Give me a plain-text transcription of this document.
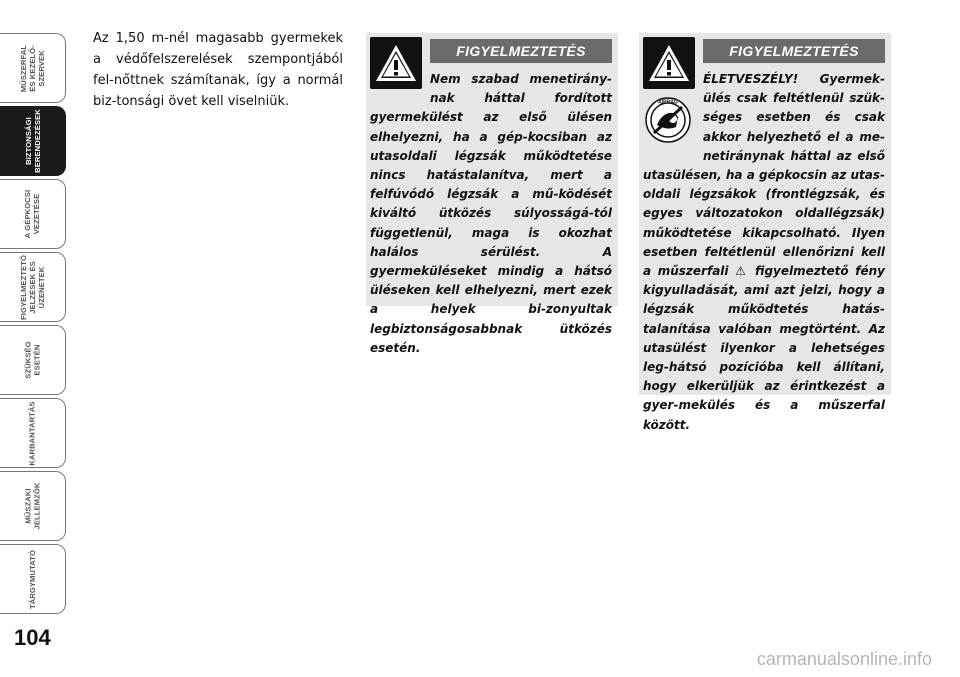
MŰSZERFAL
ÉS KEZELŐ-
SZERVEK
BIZTONSÁGI
BERENDEZÉSEK
A GÉPKOCSI
VEZETÉSE
FIGYELMEZTETŐ
JELZÉSEK ÉS
ÜZENETEK
SZÜKSÉG
ESETÉN
KARBANTARTÁS
MŰSZAKI
JELLEMZŐK
TÁRGYMUTATÓ
104
Az 1,50 m-nél magasabb gyermekek a védőfelszerelések szempontjából fel-nőttnek számítanak, így a normál biz-tonsági övet kell viselniük.
FIGYELMEZTETÉS
Nem szabad menetirány-nak háttal fordított gyermekülést az első ülésen elhelyezni, ha a gép-kocsiban az utasoldali légzsák működtetése nincs hatástalanítva, mert a felfúvódó légzsák a mű-ködését kiváltó ütközés súlyosságá-tól függetlenül, maga is okozhat halálos sérülést. A gyermeküléseket mindig a hátsó üléseken kell elhelyezni, mert ezek a helyek bi-zonyultak legbiztonságosabbnak ütközés esetén.
AIRBAG
FIGYELMEZTETÉS
ÉLETVESZÉLY! Gyermek-ülés csak feltétlenül szük-séges esetben és csak akkor helyezhető el a me-netiránynak háttal az első utasülésen, ha a gépkocsin az utas-oldali légzsákok (frontlégzsák, és egyes változatokon oldallégzsák) működtetése kikapcsolható. Ilyen esetben feltétlenül ellenőrizni kell a műszerfali ⚠ figyelmeztető fény kigyulladását, ami azt jelzi, hogy a légzsák működtetés hatás-talanítása valóban megtörtént. Az utasülést ilyenkor a lehetséges leg-hátsó pozícióba kell állítani, hogy elkerüljük az érintkezést a gyer-mekülés és a műszerfal között.
carmanualsonline.info
